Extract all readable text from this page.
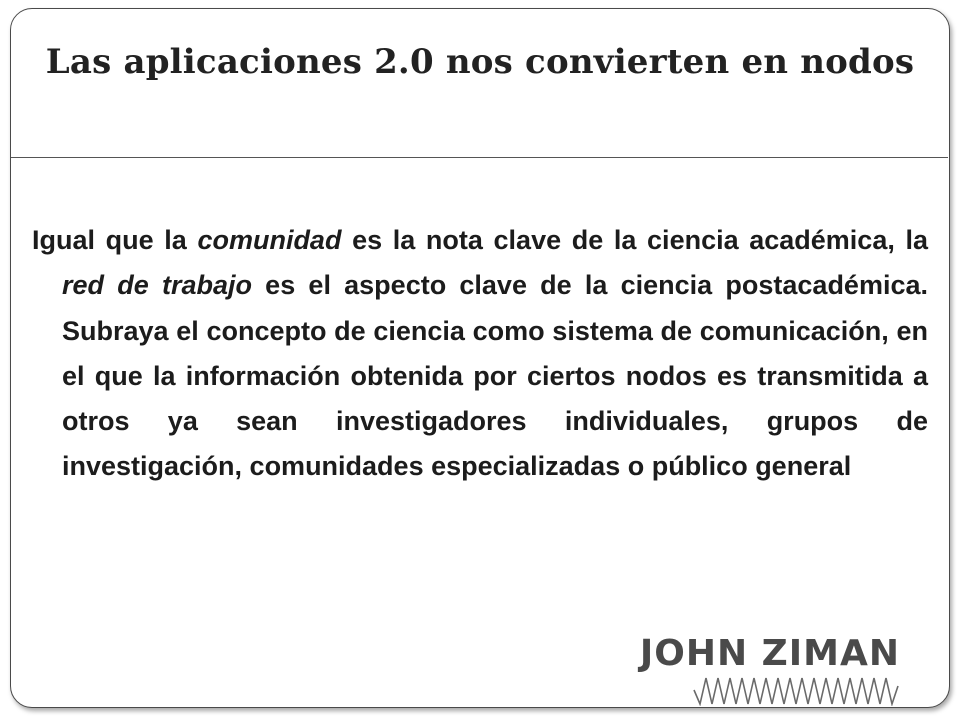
Las aplicaciones 2.0 nos convierten en nodos
Igual que la comunidad es la nota clave de la ciencia académica, la red de trabajo es el aspecto clave de la ciencia postacadémica. Subraya el concepto de ciencia como sistema de comunicación, en el que la información obtenida por ciertos nodos es transmitida a otros ya sean investigadores individuales, grupos de investigación, comunidades especializadas o público general
JOHN ZIMAN
